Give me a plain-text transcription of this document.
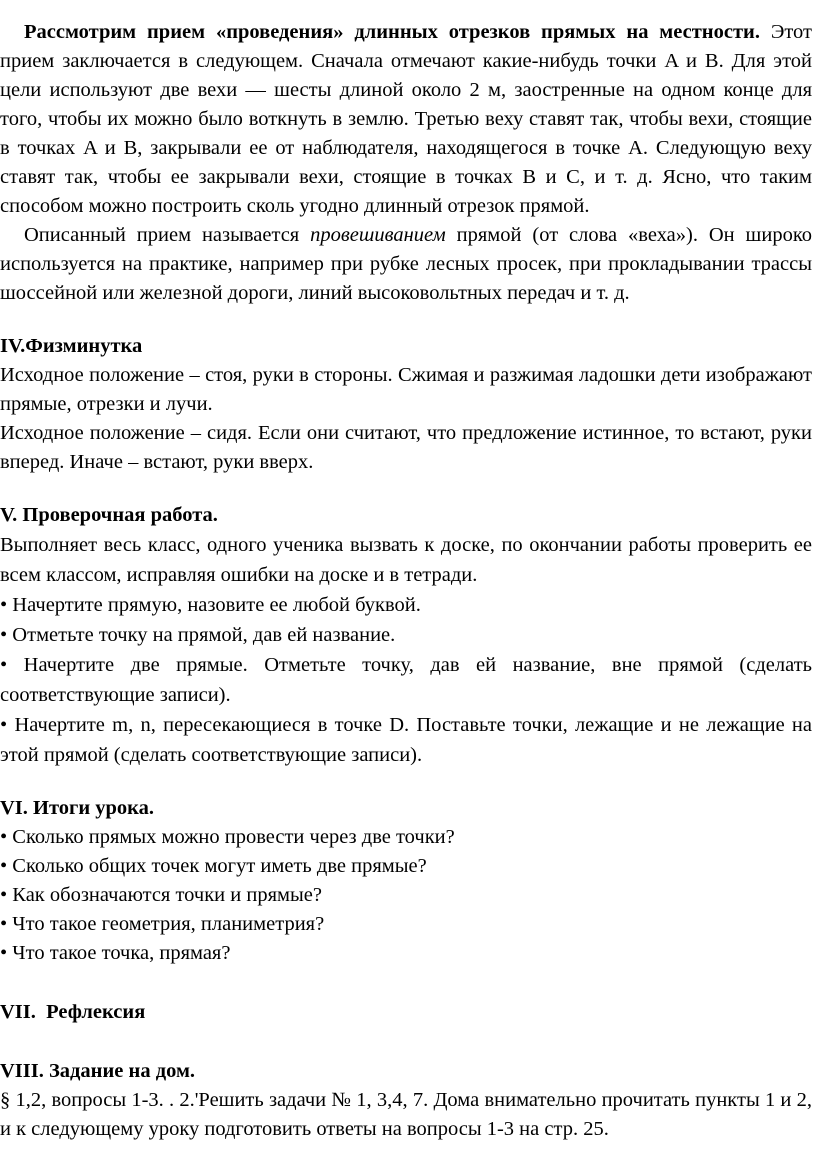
Рассмотрим прием «проведения» длинных отрезков прямых на местности. Этот прием заключается в следующем. Сначала отмечают какие-нибудь точки A и B. Для этой цели используют две вехи — шесты длиной около 2 м, заостренные на одном конце для того, чтобы их можно было воткнуть в землю. Третью веху ставят так, чтобы вехи, стоящие в точках A и B, закрывали ее от наблюдателя, находящегося в точке A. Следующую веху ставят так, чтобы ее закрывали вехи, стоящие в точках B и C, и т. д. Ясно, что таким способом можно построить сколь угодно длинный отрезок прямой.

Описанный прием называется провешиванием прямой (от слова «веха»). Он широко используется на практике, например при рубке лесных просек, при прокладывании трассы шоссейной или железной дороги, линий высоковольтных передач и т. д.

IV.Физминутка

Исходное положение – стоя, руки в стороны. Сжимая и разжимая ладошки дети изображают прямые, отрезки и лучи.

Исходное положение – сидя. Если они считают, что предложение истинное, то встают, руки вперед. Иначе – встают, руки вверх.

V. Проверочная работа.

Выполняет весь класс, одного ученика вызвать к доске, по окончании работы проверить ее всем классом, исправляя ошибки на доске и в тетради.

• Начертите прямую, назовите ее любой буквой.

• Отметьте точку на прямой, дав ей название.

• Начертите две прямые. Отметьте точку, дав ей название, вне прямой (сделать соответствующие записи).

• Начертите m, n, пересекающиеся в точке D. Поставьте точки, лежащие и не лежащие на этой прямой (сделать соответствующие записи).

VI. Итоги урока.

• Сколько прямых можно провести через две точки?

• Сколько общих точек могут иметь две прямые?

• Как обозначаются точки и прямые?

• Что такое геометрия, планиметрия?

• Что такое точка, прямая?

VII.  Рефлексия

VIII. Задание на дом.

§ 1,2, вопросы 1-3. . 2.'Решить задачи № 1, 3,4, 7. Дома внимательно прочитать пункты 1 и 2, и к следующему уроку подготовить ответы на вопросы 1-3 на стр. 25.
